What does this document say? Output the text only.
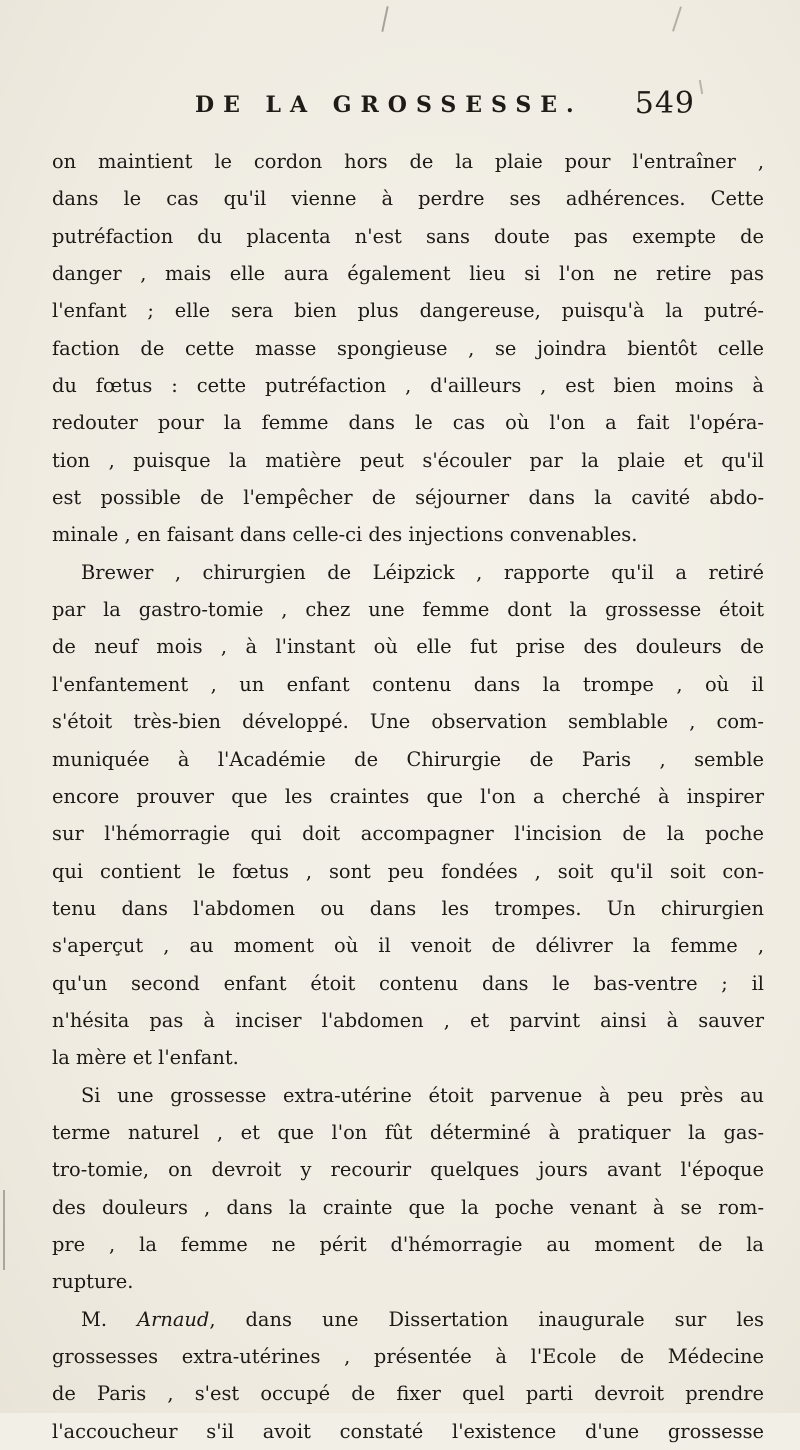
DE LA GROSSESSE. 549
on maintient le cordon hors de la plaie pour l'entraîner ,
dans le cas qu'il vienne à perdre ses adhérences. Cette
putréfaction du placenta n'est sans doute pas exempte de
danger , mais elle aura également lieu si l'on ne retire pas
l'enfant ; elle sera bien plus dangereuse, puisqu'à la putré-
faction de cette masse spongieuse , se joindra bientôt celle
du fœtus : cette putréfaction , d'ailleurs , est bien moins à
redouter pour la femme dans le cas où l'on a fait l'opéra-
tion , puisque la matière peut s'écouler par la plaie et qu'il
est possible de l'empêcher de séjourner dans la cavité abdo-
minale , en faisant dans celle-ci des injections convenables.
Brewer , chirurgien de Léipzick , rapporte qu'il a retiré
par la gastro-tomie , chez une femme dont la grossesse étoit
de neuf mois , à l'instant où elle fut prise des douleurs de
l'enfantement , un enfant contenu dans la trompe , où il
s'étoit très-bien développé. Une observation semblable , com-
muniquée à l'Académie de Chirurgie de Paris , semble
encore prouver que les craintes que l'on a cherché à inspirer
sur l'hémorragie qui doit accompagner l'incision de la poche
qui contient le fœtus , sont peu fondées , soit qu'il soit con-
tenu dans l'abdomen ou dans les trompes. Un chirurgien
s'aperçut , au moment où il venoit de délivrer la femme ,
qu'un second enfant étoit contenu dans le bas-ventre ; il
n'hésita pas à inciser l'abdomen , et parvint ainsi à sauver
la mère et l'enfant.
Si une grossesse extra-utérine étoit parvenue à peu près au
terme naturel , et que l'on fût déterminé à pratiquer la gas-
tro-tomie, on devroit y recourir quelques jours avant l'époque
des douleurs , dans la crainte que la poche venant à se rom-
pre , la femme ne périt d'hémorragie au moment de la
rupture.
M. Arnaud, dans une Dissertation inaugurale sur les
grossesses extra-utérines , présentée à l'Ecole de Médecine
de Paris , s'est occupé de fixer quel parti devroit prendre
l'accoucheur s'il avoit constaté l'existence d'une grossesse
